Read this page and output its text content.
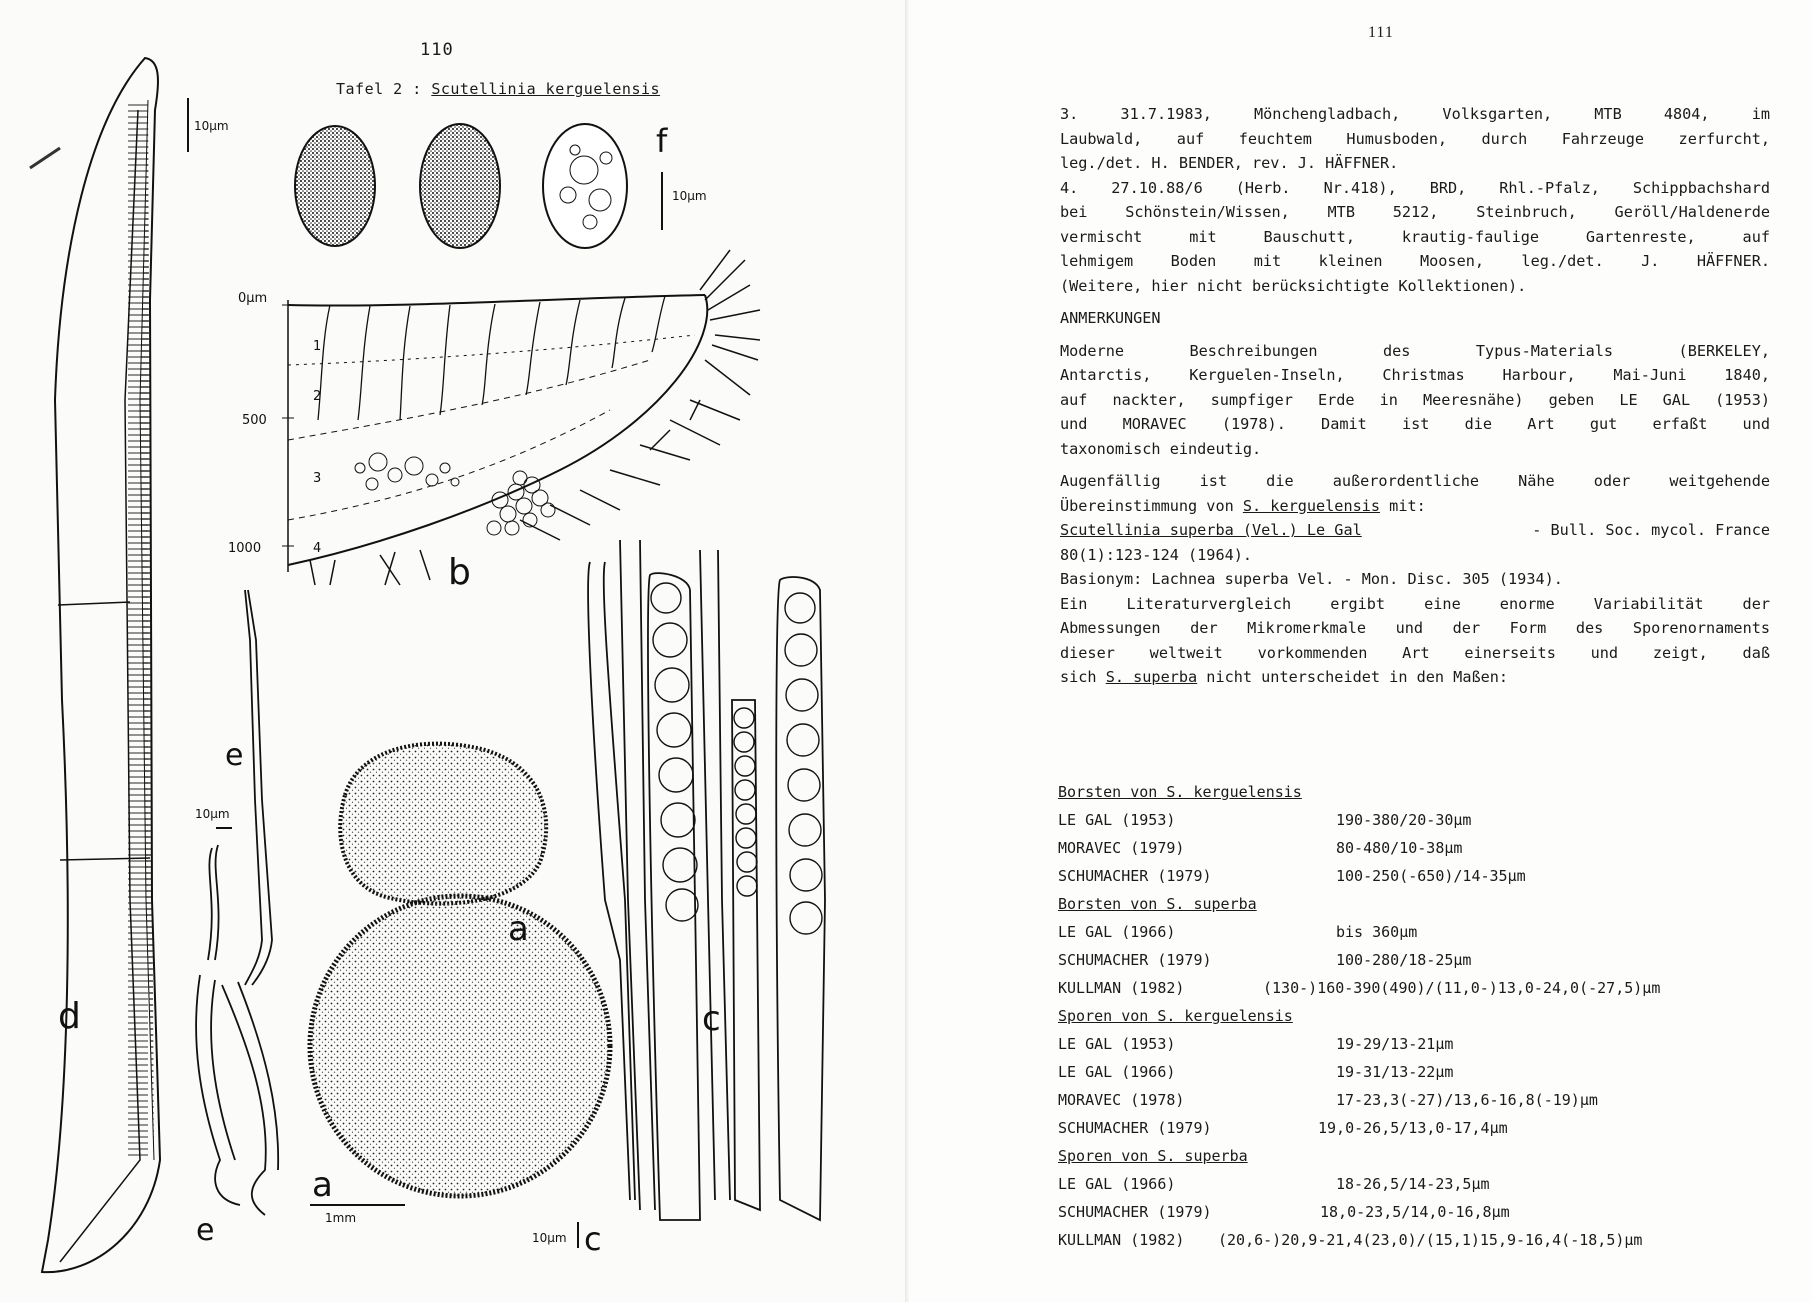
110
Tafel 2 : Scutellinia kerguelensis
10µm
d
f
10µm
0µm
500
1000
1
2
3
4
b
e
e
10µm
a
a
1mm
c
10µm c
111
3. 31.7.1983, Mönchengladbach, Volksgarten, MTB 4804, im
Laubwald, auf feuchtem Humusboden, durch Fahrzeuge zerfurcht,
leg./det. H. BENDER, rev. J. HÄFFNER.
4. 27.10.88/6 (Herb. Nr.418), BRD, Rhl.-Pfalz, Schippbachshard
bei Schönstein/Wissen, MTB 5212, Steinbruch, Geröll/Haldenerde
vermischt mit Bauschutt, krautig-faulige Gartenreste, auf
lehmigem Boden mit kleinen Moosen, leg./det. J. HÄFFNER.
(Weitere, hier nicht berücksichtigte Kollektionen).
ANMERKUNGEN
Moderne Beschreibungen des Typus-Materials (BERKELEY,
Antarctis, Kerguelen-Inseln, Christmas Harbour, Mai-Juni 1840,
auf nackter, sumpfiger Erde in Meeresnähe) geben LE GAL (1953)
und MORAVEC (1978). Damit ist die Art gut erfaßt und
taxonomisch eindeutig.
Augenfällig ist die außerordentliche Nähe oder weitgehende
Übereinstimmung von S. kerguelensis mit:
Scutellinia superba (Vel.) Le Gal	- Bull. Soc. mycol. France
80(1):123-124 (1964).
Basionym: Lachnea superba Vel. - Mon. Disc. 305 (1934).
Ein Literaturvergleich ergibt eine enorme Variabilität der
Abmessungen der Mikromerkmale und der Form des Sporenornaments
dieser weltweit vorkommenden Art einerseits und zeigt, daß
sich S. superba nicht unterscheidet in den Maßen:
Borsten von S. kerguelensis
LE GAL (1953)	190-380/20-30µm
MORAVEC (1979)	80-480/10-38µm
SCHUMACHER (1979)	100-250(-650)/14-35µm
Borsten von S. superba
LE GAL (1966)	bis 360µm
SCHUMACHER (1979)	100-280/18-25µm
KULLMAN (1982)	(130-)160-390(490)/(11,0-)13,0-24,0(-27,5)µm
Sporen von S. kerguelensis
LE GAL (1953)	19-29/13-21µm
LE GAL (1966)	19-31/13-22µm
MORAVEC (1978)	17-23,3(-27)/13,6-16,8(-19)µm
SCHUMACHER (1979)	19,0-26,5/13,0-17,4µm
Sporen von S. superba
LE GAL (1966)	18-26,5/14-23,5µm
SCHUMACHER (1979)	18,0-23,5/14,0-16,8µm
KULLMAN (1982)	(20,6-)20,9-21,4(23,0)/(15,1)15,9-16,4(-18,5)µm
